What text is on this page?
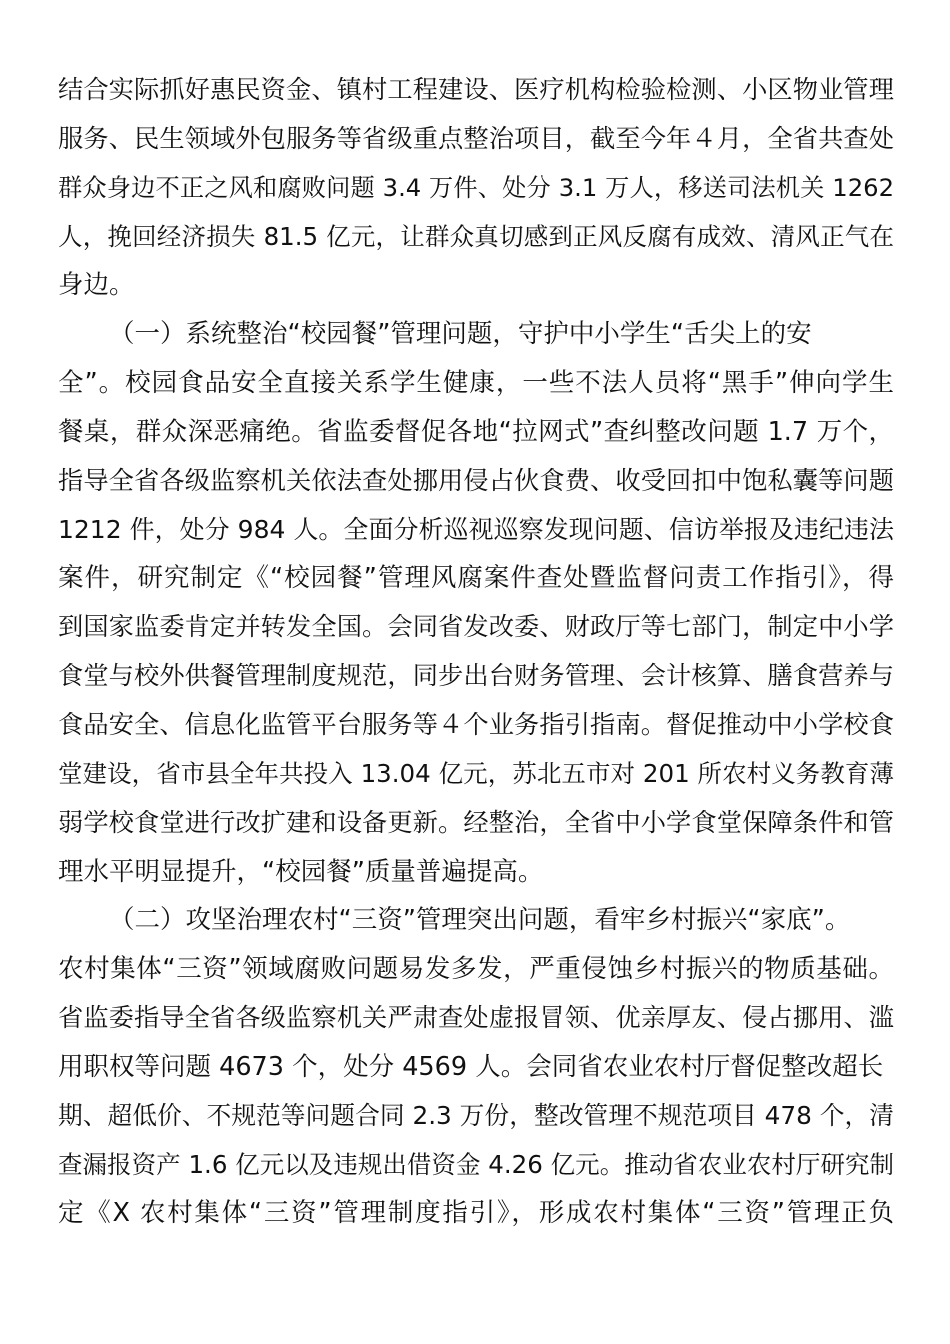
结合实际抓好惠民资金、镇村工程建设、医疗机构检验检测、小区物业管理
服务、民生领域外包服务等省级重点整治项目，截至今年４月，全省共查处
群众身边不正之风和腐败问题 3.4 万件、处分 3.1 万人，移送司法机关 1262
人，挽回经济损失 81.5 亿元，让群众真切感到正风反腐有成效、清风正气在
身边。
（一）系统整治“校园餐”管理问题，守护中小学生“舌尖上的安
全”。校园食品安全直接关系学生健康，一些不法人员将“黑手”伸向学生
餐桌，群众深恶痛绝。省监委督促各地“拉网式”查纠整改问题 1.7 万个，
指导全省各级监察机关依法查处挪用侵占伙食费、收受回扣中饱私囊等问题
1212 件，处分 984 人。全面分析巡视巡察发现问题、信访举报及违纪违法
案件，研究制定《“校园餐”管理风腐案件查处暨监督问责工作指引》，得
到国家监委肯定并转发全国。会同省发改委、财政厅等七部门，制定中小学
食堂与校外供餐管理制度规范，同步出台财务管理、会计核算、膳食营养与
食品安全、信息化监管平台服务等４个业务指引指南。督促推动中小学校食
堂建设，省市县全年共投入 13.04 亿元，苏北五市对 201 所农村义务教育薄
弱学校食堂进行改扩建和设备更新。经整治，全省中小学食堂保障条件和管
理水平明显提升，“校园餐”质量普遍提高。
（二）攻坚治理农村“三资”管理突出问题，看牢乡村振兴“家底”。
农村集体“三资”领域腐败问题易发多发，严重侵蚀乡村振兴的物质基础。
省监委指导全省各级监察机关严肃查处虚报冒领、优亲厚友、侵占挪用、滥
用职权等问题 4673 个，处分 4569 人。会同省农业农村厅督促整改超长
期、超低价、不规范等问题合同 2.3 万份，整改管理不规范项目 478 个，清
查漏报资产 1.6 亿元以及违规出借资金 4.26 亿元。推动省农业农村厅研究制
定《X 农村集体“三资”管理制度指引》，形成农村集体“三资”管理正负
